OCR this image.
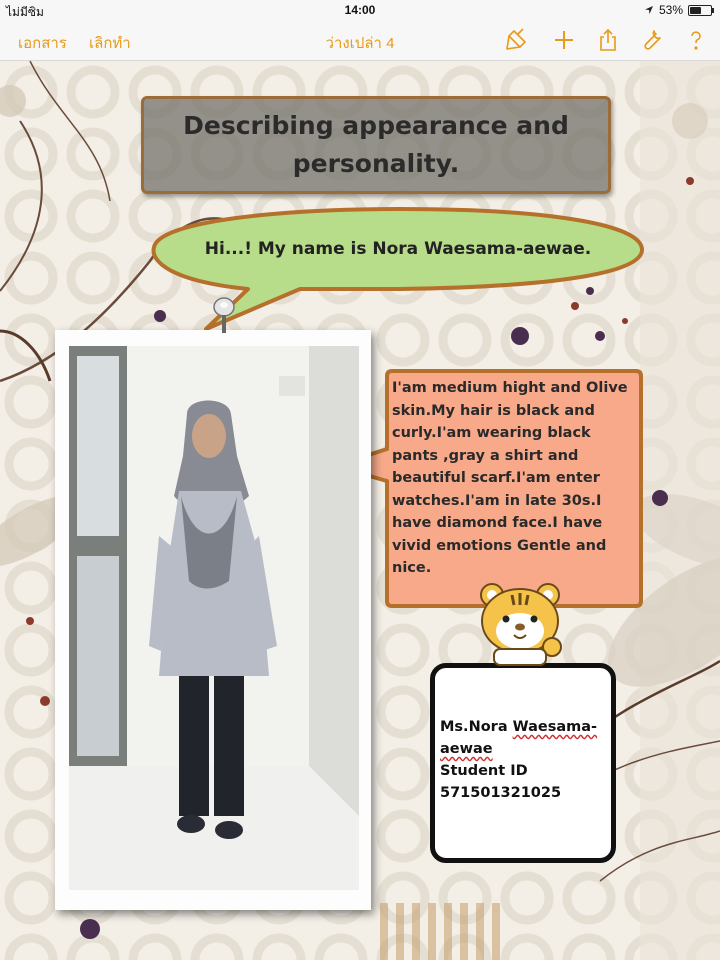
ไม่มีซิม	14:00	53%
เอกสาร เลิกทำ	ว่างเปล่า 4
Describing appearance and personality.
Hi...! My name is Nora Waesama-aewae.
I'am medium hight and Olive skin.My hair is black and curly.I'am wearing black pants ,gray a shirt and beautiful scarf.I'am enter watches.I'am in late 30s.I have diamond face.I have vivid emotions Gentle and nice.
Ms.Nora Waesama-aewae
Student ID
571501321025
